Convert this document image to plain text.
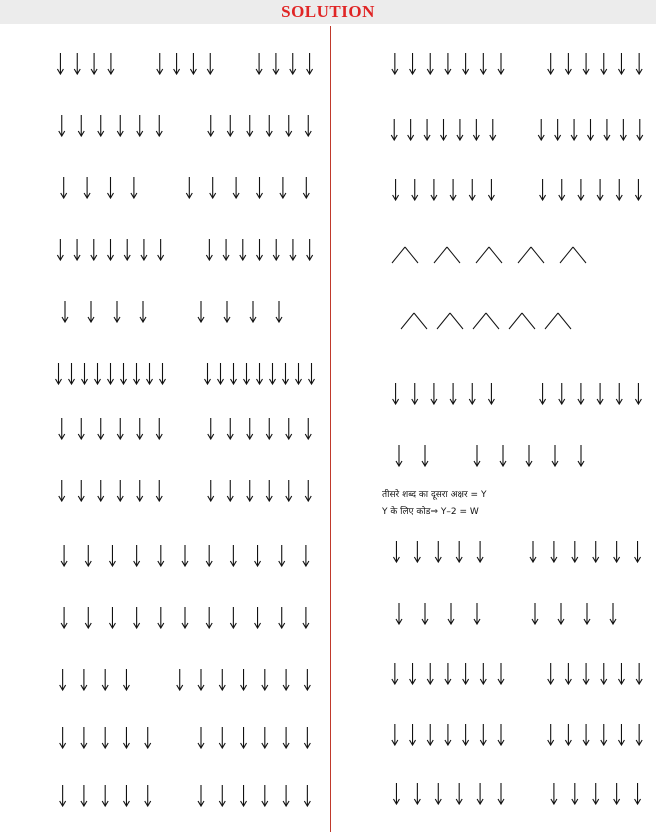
SOLUTION
तीसरे शब्द का दूसरा अक्षर = Y
Y के लिए कोड⇒ Y–2 = W
